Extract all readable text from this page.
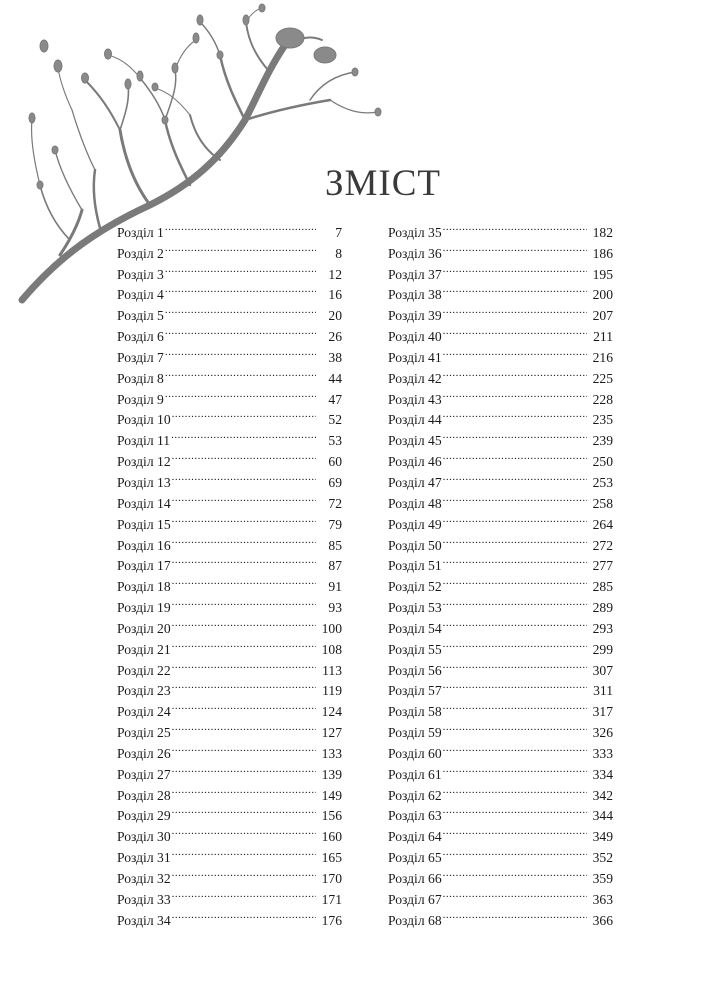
ЗМІСТ
Розділ 1 .....	7
Розділ 2 .....	8
Розділ 3 .....	12
Розділ 4 .....	16
Розділ 5 .....	20
Розділ 6 .....	26
Розділ 7 .....	38
Розділ 8 .....	44
Розділ 9 .....	47
Розділ 10 .....	52
Розділ 11 .....	53
Розділ 12 .....	60
Розділ 13 .....	69
Розділ 14 .....	72
Розділ 15 .....	79
Розділ 16 .....	85
Розділ 17 .....	87
Розділ 18 .....	91
Розділ 19 .....	93
Розділ 20 .....	100
Розділ 21 .....	108
Розділ 22 .....	113
Розділ 23 .....	119
Розділ 24 .....	124
Розділ 25 .....	127
Розділ 26 .....	133
Розділ 27 .....	139
Розділ 28 .....	149
Розділ 29 .....	156
Розділ 30 .....	160
Розділ 31 .....	165
Розділ 32 .....	170
Розділ 33 .....	171
Розділ 34 .....	176
Розділ 35 .....	182
Розділ 36 .....	186
Розділ 37 .....	195
Розділ 38 .....	200
Розділ 39 .....	207
Розділ 40 .....	211
Розділ 41 .....	216
Розділ 42 .....	225
Розділ 43 .....	228
Розділ 44 .....	235
Розділ 45 .....	239
Розділ 46 .....	250
Розділ 47 .....	253
Розділ 48 .....	258
Розділ 49 .....	264
Розділ 50 .....	272
Розділ 51 .....	277
Розділ 52 .....	285
Розділ 53 .....	289
Розділ 54 .....	293
Розділ 55 .....	299
Розділ 56 .....	307
Розділ 57 .....	311
Розділ 58 .....	317
Розділ 59 .....	326
Розділ 60 .....	333
Розділ 61 .....	334
Розділ 62 .....	342
Розділ 63 .....	344
Розділ 64 .....	349
Розділ 65 .....	352
Розділ 66 .....	359
Розділ 67 .....	363
Розділ 68 .....	366
